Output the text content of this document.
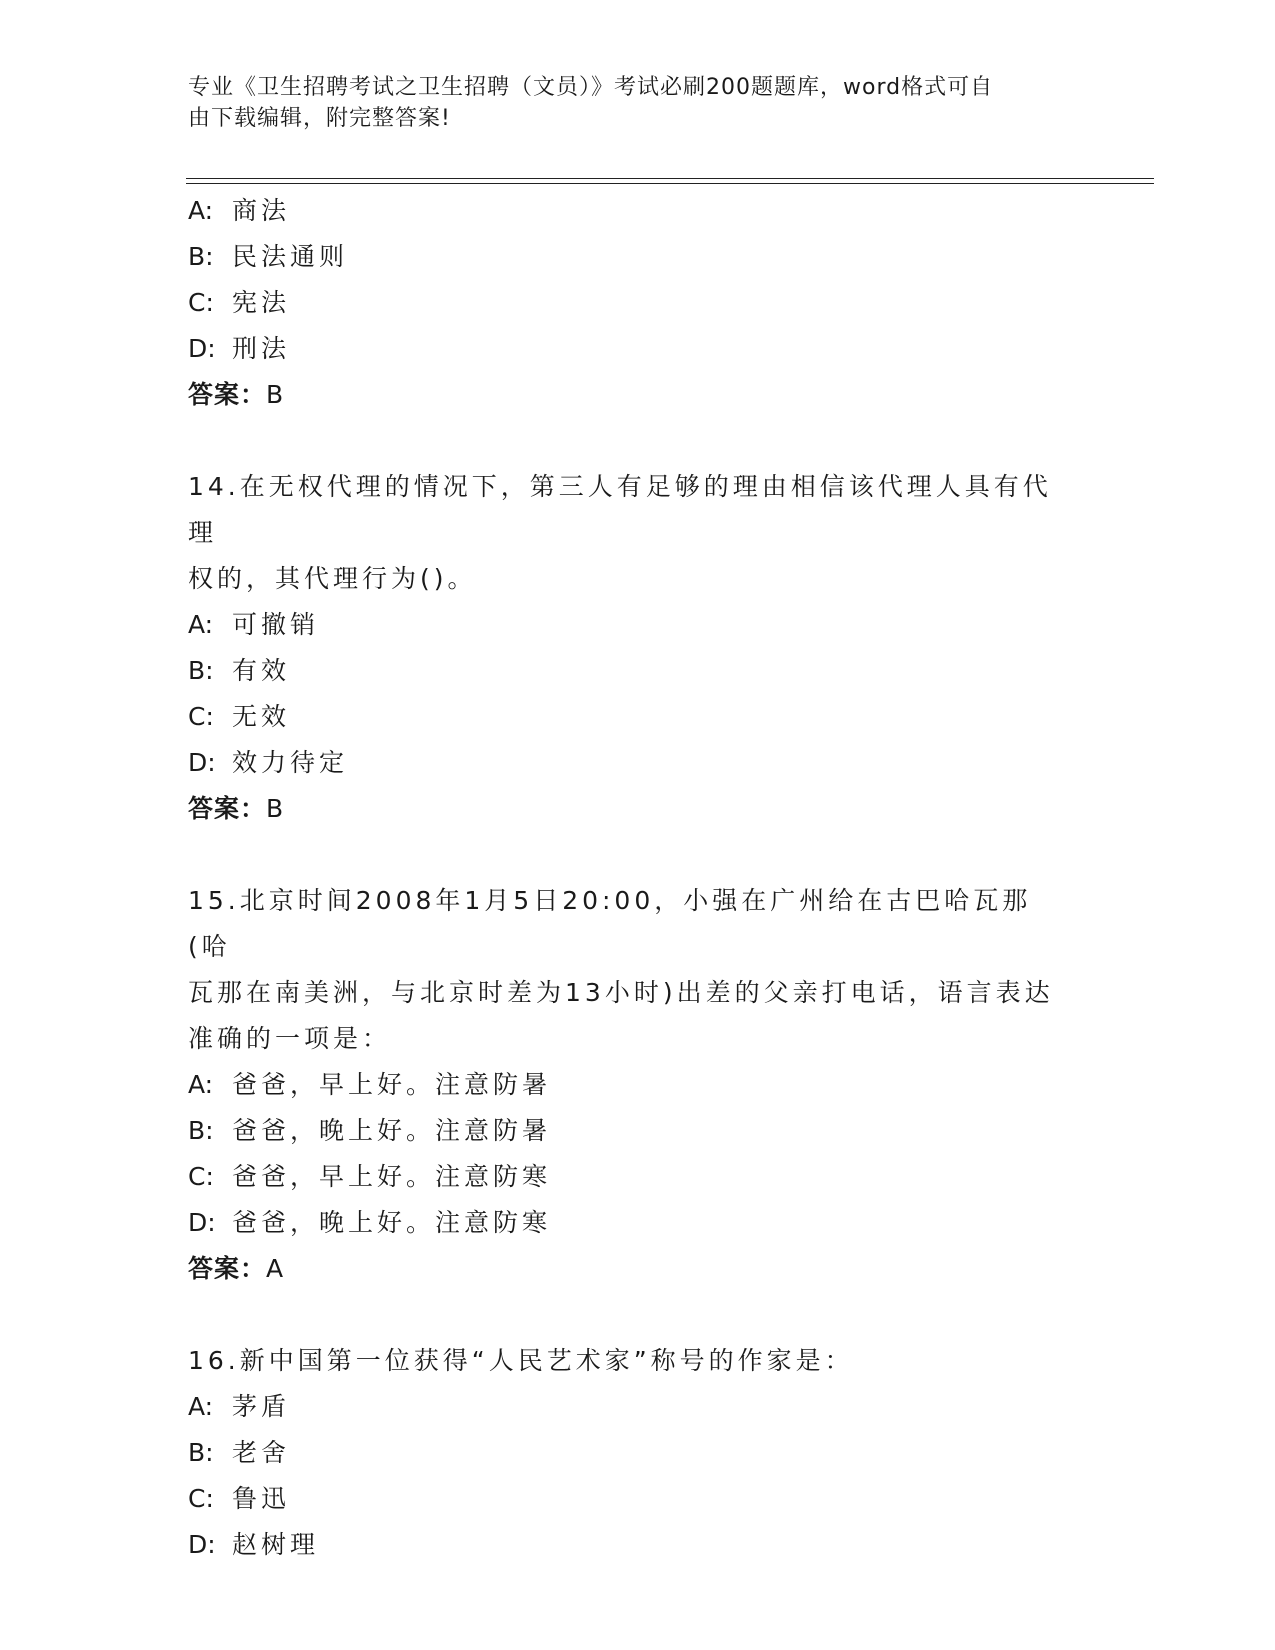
专业《卫生招聘考试之卫生招聘（文员）》考试必刷200题题库，word格式可自
由下载编辑，附完整答案!
A: 商法
B: 民法通则
C: 宪法
D: 刑法
答案：B
14.在无权代理的情况下，第三人有足够的理由相信该代理人具有代理
权的，其代理行为()。
A: 可撤销
B: 有效
C: 无效
D: 效力待定
答案：B
15.北京时间2008年1月5日20:00，小强在广州给在古巴哈瓦那(哈
瓦那在南美洲，与北京时差为13小时)出差的父亲打电话，语言表达
准确的一项是：
A: 爸爸，早上好。注意防暑
B: 爸爸，晚上好。注意防暑
C: 爸爸，早上好。注意防寒
D: 爸爸，晚上好。注意防寒
答案：A
16.新中国第一位获得“人民艺术家”称号的作家是：
A: 茅盾
B: 老舍
C: 鲁迅
D: 赵树理
